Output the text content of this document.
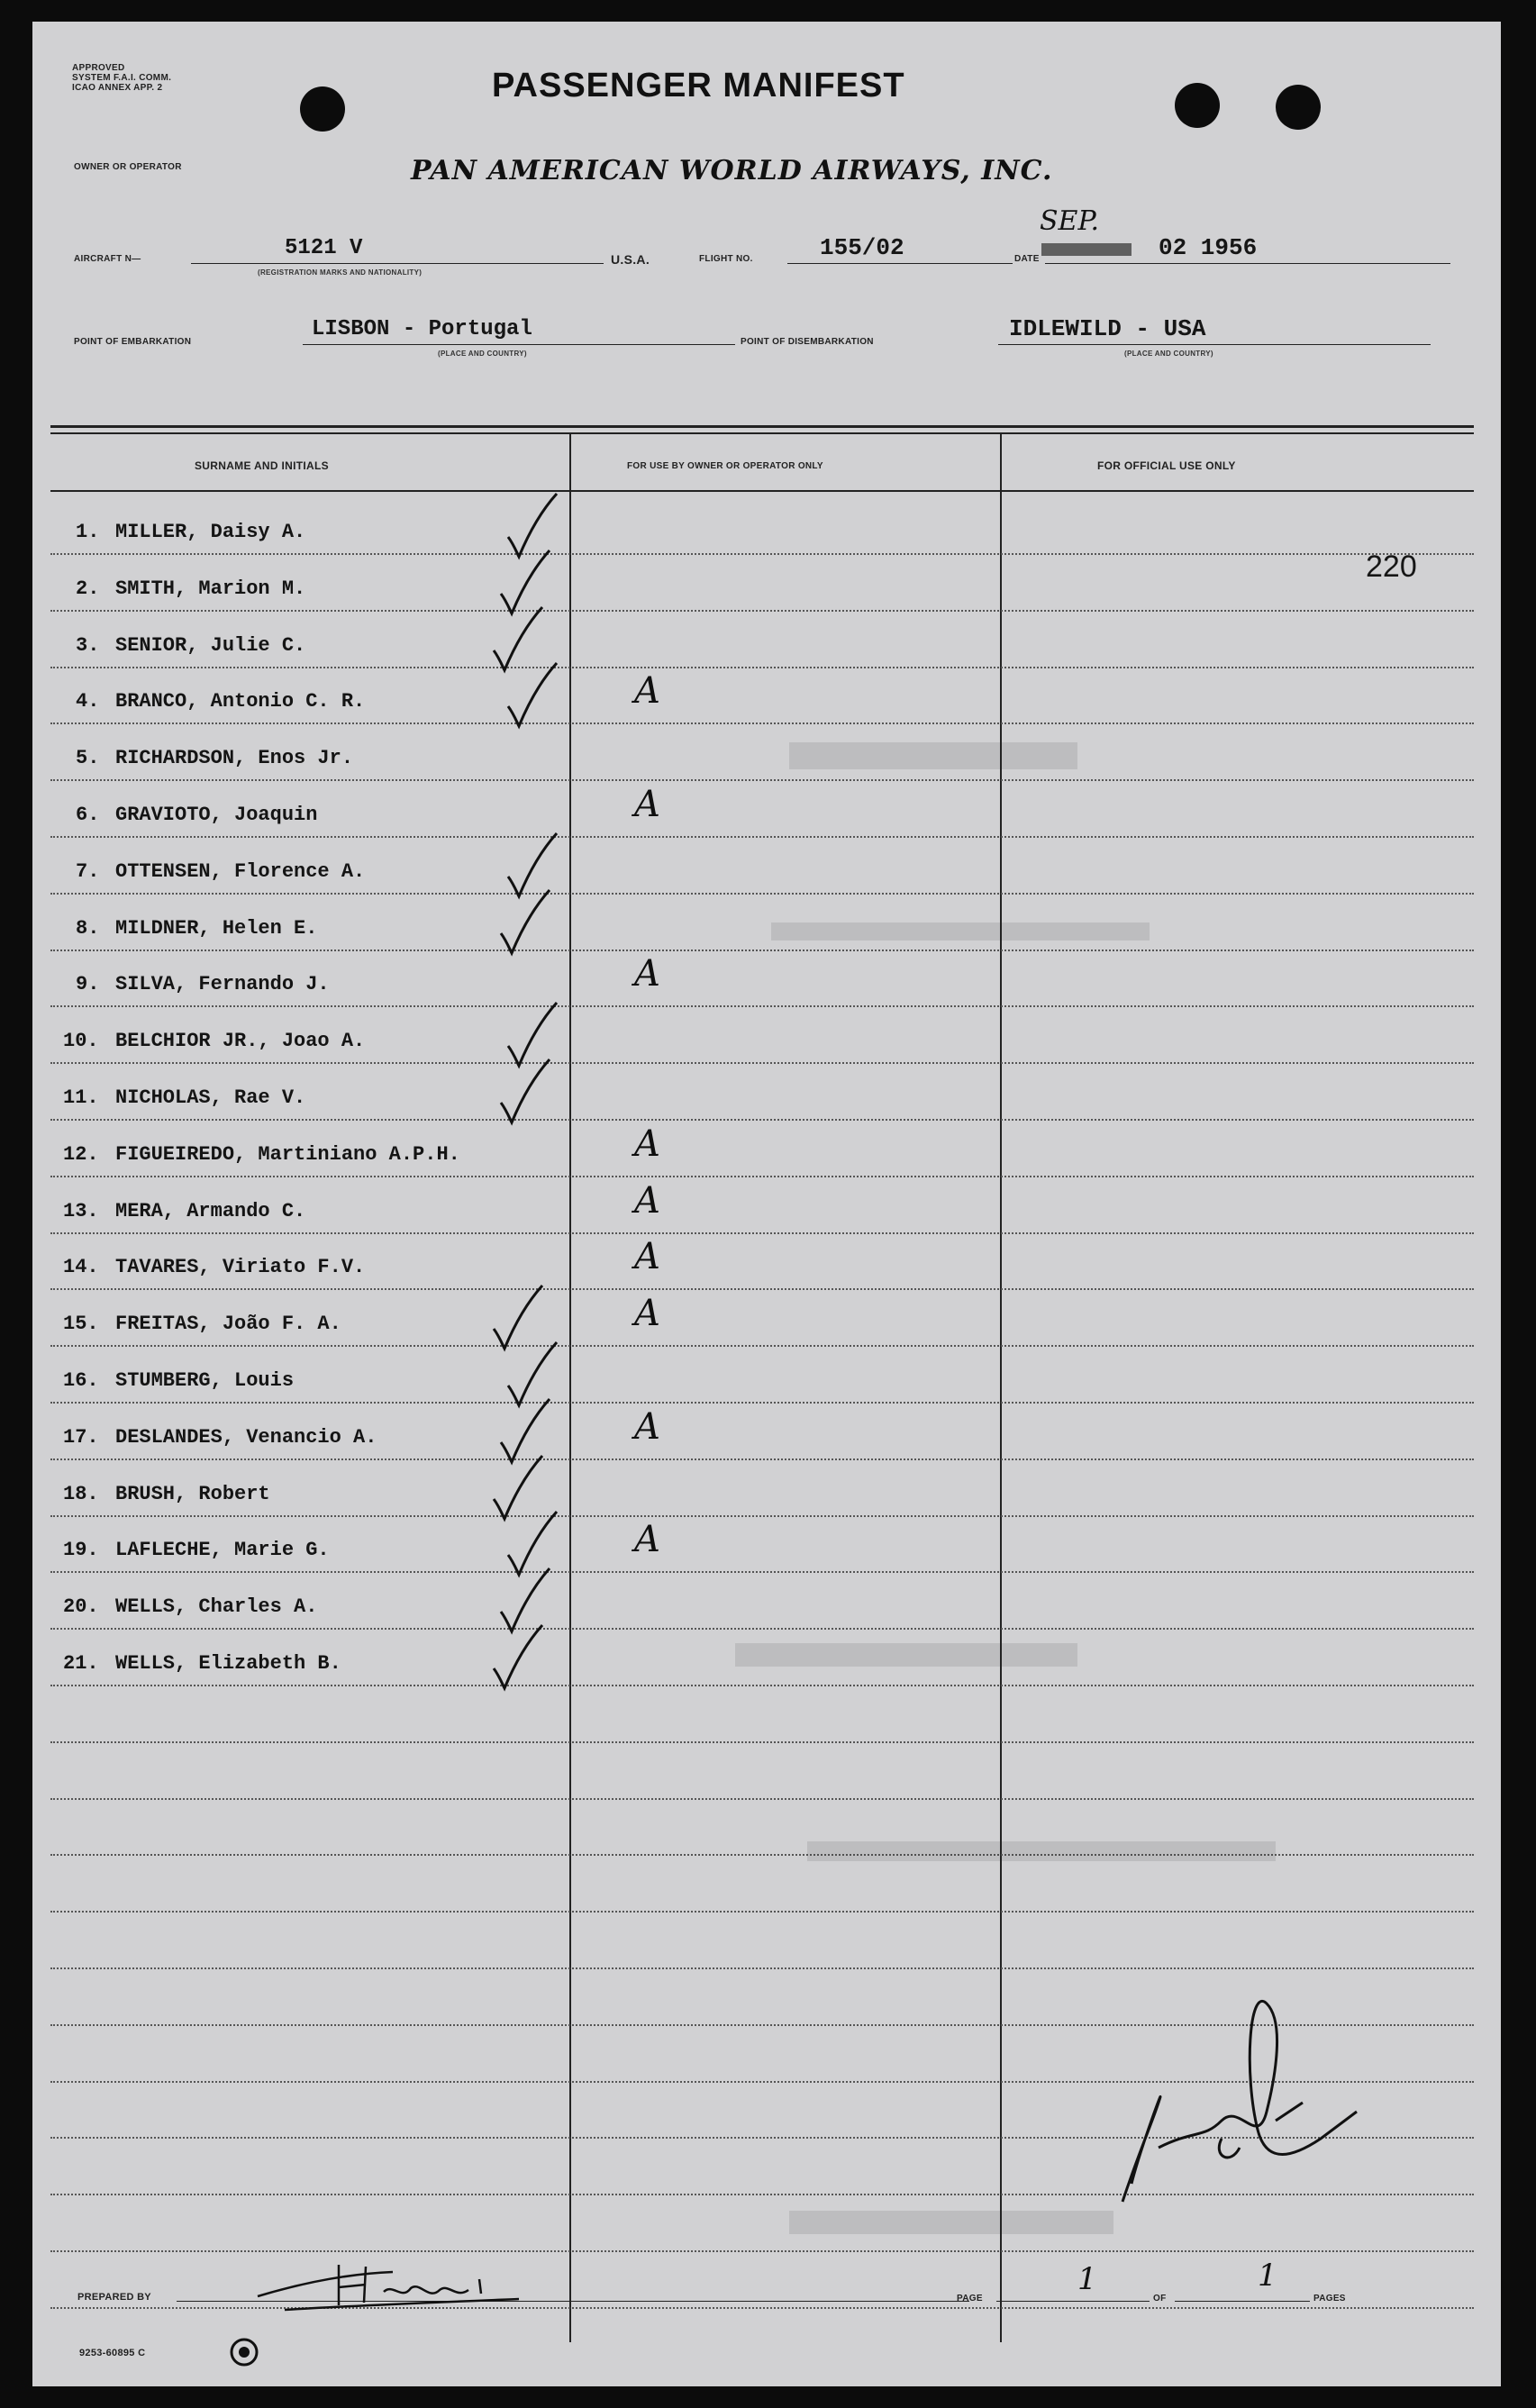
APPROVED
SYSTEM F.A.I. COMM.
ICAO ANNEX APP. 2	PASSENGER MANIFEST
OWNER OR OPERATOR	PAN AMERICAN WORLD AIRWAYS, INC.
AIRCRAFT N—	5121 V
(REGISTRATION MARKS AND NATIONALITY)
U.S.A.	FLIGHT NO.	155/02	DATE
SEP.
02 1956
POINT OF EMBARKATION
LISBON - Portugal
(PLACE AND COUNTRY)
POINT OF DISEMBARKATION	IDLEWILD - USA
(PLACE AND COUNTRY)
SURNAME AND INITIALS	FOR USE BY OWNER OR OPERATOR ONLY	FOR OFFICIAL USE ONLY
220
1. MILLER, Daisy A.
2. SMITH, Marion M.
3. SENIOR, Julie C.
4. BRANCO, Antonio C. R.	A
5. RICHARDSON, Enos Jr.
6. GRAVIOTO, Joaquin	A
7. OTTENSEN, Florence A.
8. MILDNER, Helen E.
9. SILVA, Fernando J.	A
10. BELCHIOR JR., Joao A.
11. NICHOLAS, Rae V.
12. FIGUEIREDO, Martiniano A.P.H.	A
13. MERA, Armando C.	A
14. TAVARES, Viriato F.V.	A
15. FREITAS, João F. A.	A
16. STUMBERG, Louis
17. DESLANDES, Venancio A.	A
18. BRUSH, Robert
19. LAFLECHE, Marie G.	A
20. WELLS, Charles A.
21. WELLS, Elizabeth B.
PREPARED BY	PAGE
1
OF
1
PAGES
9253-60895 C
